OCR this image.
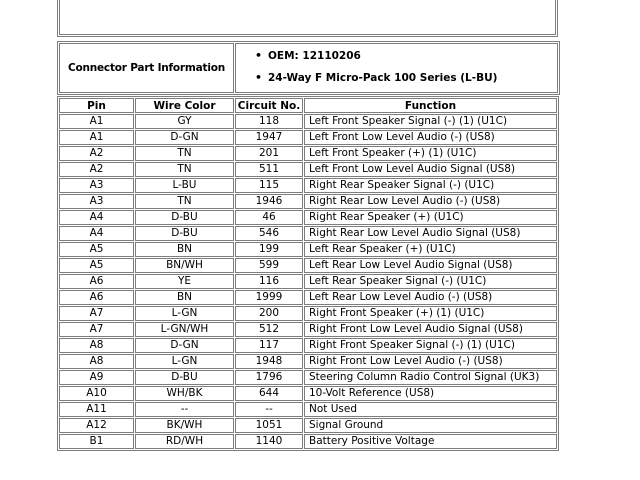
Connector Part Information	
• OEM: 12110206
• 24-Way F Micro-Pack 100 Series (L-BU)
Pin	Wire Color	Circuit No.	Function
A1	GY	118	Left Front Speaker Signal (-) (1) (U1C)
A1	D-GN	1947	Left Front Low Level Audio (-) (US8)
A2	TN	201	Left Front Speaker (+) (1) (U1C)
A2	TN	511	Left Front Low Level Audio Signal (US8)
A3	L-BU	115	Right Rear Speaker Signal (-) (U1C)
A3	TN	1946	Right Rear Low Level Audio (-) (US8)
A4	D-BU	46	Right Rear Speaker (+) (U1C)
A4	D-BU	546	Right Rear Low Level Audio Signal (US8)
A5	BN	199	Left Rear Speaker (+) (U1C)
A5	BN/WH	599	Left Rear Low Level Audio Signal (US8)
A6	YE	116	Left Rear Speaker Signal (-) (U1C)
A6	BN	1999	Left Rear Low Level Audio (-) (US8)
A7	L-GN	200	Right Front Speaker (+) (1) (U1C)
A7	L-GN/WH	512	Right Front Low Level Audio Signal (US8)
A8	D-GN	117	Right Front Speaker Signal (-) (1) (U1C)
A8	L-GN	1948	Right Front Low Level Audio (-) (US8)
A9	D-BU	1796	Steering Column Radio Control Signal (UK3)
A10	WH/BK	644	10-Volt Reference (US8)
A11	--	--	Not Used
A12	BK/WH	1051	Signal Ground
B1	RD/WH	1140	Battery Positive Voltage
